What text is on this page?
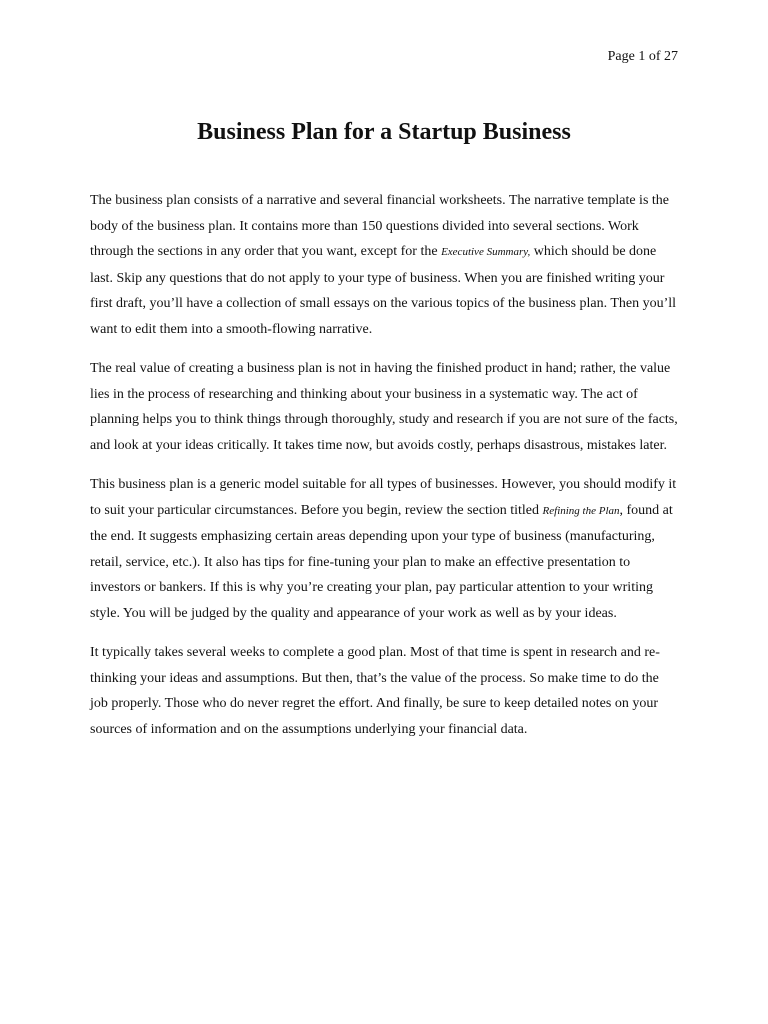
Page 1 of 27
Business Plan for a Startup Business

The business plan consists of a narrative and several financial worksheets. The narrative template is the body of the business plan. It contains more than 150 questions divided into several sections. Work through the sections in any order that you want, except for the Executive Summary, which should be done last. Skip any questions that do not apply to your type of business. When you are finished writing your first draft, you’ll have a collection of small essays on the various topics of the business plan. Then you’ll want to edit them into a smooth-flowing narrative.

The real value of creating a business plan is not in having the finished product in hand; rather, the value lies in the process of researching and thinking about your business in a systematic way. The act of planning helps you to think things through thoroughly, study and research if you are not sure of the facts, and look at your ideas critically. It takes time now, but avoids costly, perhaps disastrous, mistakes later.

This business plan is a generic model suitable for all types of businesses. However, you should modify it to suit your particular circumstances. Before you begin, review the section titled Refining the Plan, found at the end. It suggests emphasizing certain areas depending upon your type of business (manufacturing, retail, service, etc.). It also has tips for fine-tuning your plan to make an effective presentation to investors or bankers. If this is why you’re creating your plan, pay particular attention to your writing style. You will be judged by the quality and appearance of your work as well as by your ideas.

It typically takes several weeks to complete a good plan. Most of that time is spent in research and re-thinking your ideas and assumptions. But then, that’s the value of the process. So make time to do the job properly. Those who do never regret the effort. And finally, be sure to keep detailed notes on your sources of information and on the assumptions underlying your financial data.
